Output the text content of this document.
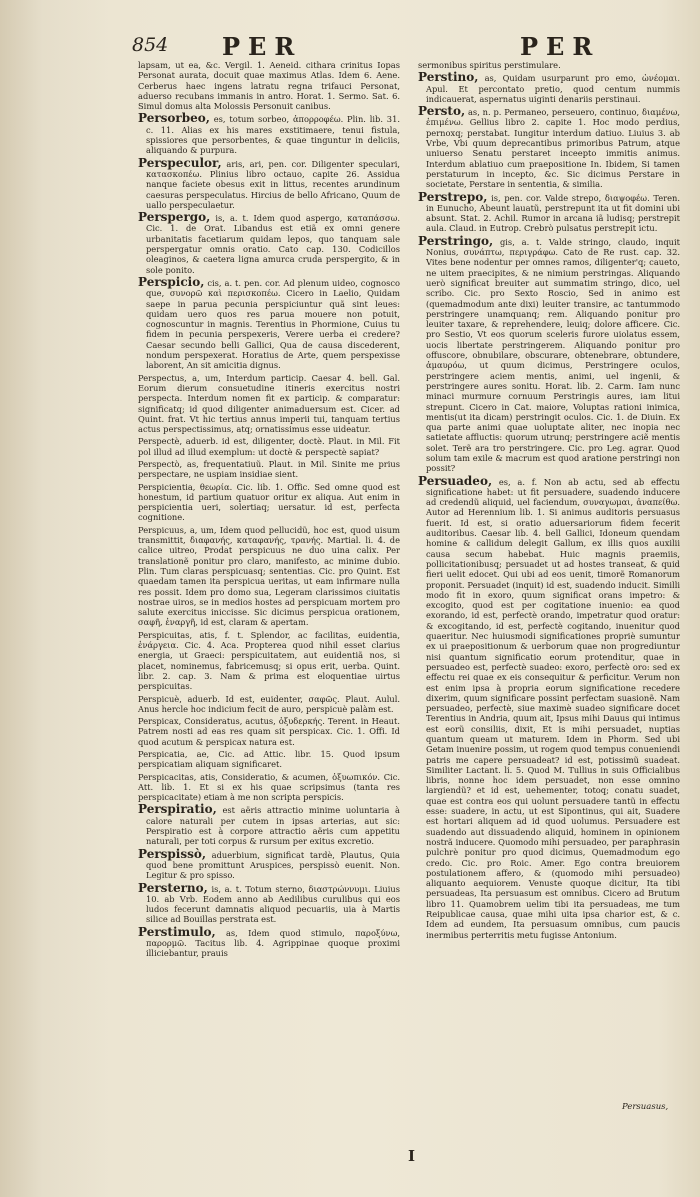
854 PER	PER

lapsam, ut ea, &c. Vergil. 1. Aeneid. cithara crinitus Iopas Personat aurata, docuit quae maximus Atlas. Idem 6. Aene. Cerberus haec ingens latratu regna trifauci Personat, aduerso recubans immanis in antro. Horat. 1. Sermo. Sat. 6. Simul domus alta Molossis Personuit canibus.

Persorbeo, es, totum sorbeo, ἀπορροφέω. Plin. lib. 31. c. 11. Alias ex his mares exstitimaere, tenui fistula, spissiores que persorbentes, & quae tinguntur in deliciis, aliquando & purpura.

Perspeculor, aris, ari, pen. cor. Diligenter speculari, κατασκοπέω. Plinius libro octauo, capite 26. Assidua nanque faciete obesus exit in littus, recentes arundinum caesuras perspeculatus. Hircius de bello Africano, Quum de uallo perspeculaetur.

Perspergo, is, a. t. Idem quod aspergo, καταπάσσω. Cic. 1. de Orat. Libandus est etiã ex omni genere urbanitatis facetiarum quidam lepos, quo tanquam sale perspergatur omnis oratio. Cato cap. 130. Codicillos oleaginos, & caetera ligna amurca cruda perspergito, & in sole ponito.

Perspicio, cis, a. t. pen. cor. Ad plenum uideo, cognosco que, συνορῶ καὶ περισκοπέω. Cicero in Laelio, Quidam saepe in parua pecunia perspiciuntur quã sint leues: quidam uero quos res parua mouere non potuit, cognoscuntur in magnis. Terentius in Phormione, Cuius tu fidem in pecunia perspexeris, Verere uerba ei credere? Caesar secundo belli Gallici, Qua de causa discederent, nondum perspexerat. Horatius de Arte, quem perspexisse laborent, An sit amicitia dignus.

Perspectus, a, um, Interdum particip. Caesar 4. bell. Gal. Eorum dierum consuetudine itineris exercitus nostri perspecta. Interdum nomen fit ex particip. & comparatur: significatq; id quod diligenter animaduersum est. Cicer. ad Quint. frat. Vt hic tertius annus imperii tui, tanquam tertius actus perspectissimus, atq; ornatissimus esse uideatur.

Perspectè, aduerb. id est, diligenter, doctè. Plaut. in Mil. Fit pol illud ad illud exemplum: ut doctè & perspectè sapiat?

Perspectò, as, frequentatiuũ. Plaut. in Mil. Sinite me prius perspectare, ne uspiam insidiae sient.

Perspicientia, θεωρία. Cic. lib. 1. Offic. Sed omne quod est honestum, id partium quatuor oritur ex aliqua. Aut enim in perspicientia ueri, solertiaq; uersatur. id est, perfecta cognitione.

Perspicuus, a, um, Idem quod pellucidũ, hoc est, quod uisum transmittit, διαφανής, καταφανής, τρανής. Martial. li. 4. de calice uitreo, Prodat perspicuus ne duo uina calix. Per translationẽ ponitur pro claro, manifesto, ac minime dubio. Plin. Tum claras perspicuasq; sententias. Cic. pro Quint. Est quaedam tamen ita perspicua ueritas, ut eam infirmare nulla res possit. Idem pro domo sua, Legeram clarissimos ciuitatis nostrae uiros, se in medios hostes ad perspicuam mortem pro salute exercitus iniccisse. Sic dicimus perspicua orationem, σαφῆ, ἐναργῆ, id est, claram & apertam.

Perspicuitas, atis, f. t. Splendor, ac facilitas, euidentia, ἐνάργεια. Cic. 4. Aca. Propterea quod nihil esset clarius energia, ut Graeci: perspicuitatem, aut euidentiã nos, si placet, nominemus, fabricemusq; si opus erit, uerba. Quint. libr. 2. cap. 3. Nam & prima est eloquentiae uirtus perspicuitas.

Perspicuè, aduerb. Id est, euidenter, σαφῶς. Plaut. Aulul. Anus hercle hoc indicium fecit de auro, perspicuè palàm est.

Perspicax, Consideratus, acutus, ὀξυδερκής. Terent. in Heaut. Patrem nosti ad eas res quam sit perspicax. Cic. 1. Offi. Id quod acutum & perspicax natura est.

Perspicatia, ae, Cic. ad Attic. libr. 15. Quod ipsum perspicatiam aliquam significaret.

Perspicacitas, atis, Consideratio, & acumen, ὀξυωπικόν. Cic. Att. lib. 1. Et si ex his quae scripsimus (tanta res perspicacitate) etiam à me non scripta perspicis.

Perspiratio, est aëris attractio minime uoluntaria à calore naturali per cutem in ipsas arterias, aut sic: Perspiratio est à corpore attractio aëris cum appetitu naturali, per toti corpus & rursum per exitus excretio.

Perspissò, aduerbium, significat tardè, Plautus, Quia quod bene promittunt Aruspices, perspissò euenit. Non. Legitur & pro spisso.

Persterno, is, a. t. Totum sterno, διαστρώννυμι. Liuius 10. ab Vrb. Eodem anno ab Aedilibus curulibus qui eos ludos fecerunt damnatis aliquod pecuariis, uia à Martis silice ad Bouillas perstrata est.

Perstimulo, as, Idem quod stimulo, παροξύνω, παρορμῶ. Tacitus lib. 4. Agrippinae quoque proximi illiciebantur, prauis

sermonibus spiritus perstimulare.

Perstino, as, Quidam usurparunt pro emo, ὠνέομαι. Apul. Et percontato pretio, quod centum nummis indicauerat, aspernatus uiginti denariis perstinaui.

Persto, as, n. p. Permaneo, perseuero, continuo, διαμένω, ἐπιμένω. Gellius libro 2. capite 1. Hoc modo perdius, pernoxq; perstabat. Iungitur interdum datiuo. Liuius 3. ab Vrbe, Vbi quum deprecantibus primoribus Patrum, atque uniuerso Senatu perstaret inceepto immitis animus. Interdum ablatiuo cum praepositione In. Ibidem, Si tamen perstaturum in incepto, &c. Sic dicimus Perstare in societate, Perstare in sententia, & similia.

Perstrepo, is, pen. cor. Valde strepo, διαψοφέω. Teren. in Eunucho, Abeunt lauatũ, perstrepunt ita ut fit domini ubi absunt. Stat. 2. Achil. Rumor in arcana iã ludisq; perstrepit aula. Claud. in Eutrop. Crebrò pulsatus perstrepit ictu.

Perstringo, gis, a. t. Valde stringo, claudo, inquit Nonius, συνάπτω, περιγράφω. Cato de Re rust. cap. 32. Vites bene nodentur per omnes ramos, diligenter'q; caueto, ne uitem praecipites, & ne nimium perstringas. Aliquando uerò significat breuiter aut summatim stringo, dico, uel scribo. Cic. pro Sexto Roscio, Sed in animo est (quemadmodum ante dixi) leuiter transire, ac tantummodo perstringere unamquanq; rem. Aliquando ponitur pro leuiter taxare, & reprehendere, leuiq; dolore afficere. Cic. pro Sestio, Vt eos quorum sceleris furore uiolatus essem, uocis libertate perstringerem. Aliquando ponitur pro offuscore, obnubilare, obscurare, obtenebrare, obtundere, ἀμαυρόω, ut quum dicimus, Perstringere oculos, perstringere aciem mentis, animi, uel ingenii, & perstringere aures sonitu. Horat. lib. 2. Carm. Iam nunc minaci murmure cornuum Perstringis aures, iam litui strepunt. Cicero in Cat. maiore, Voluptas rationi inimica, mentis(ut ita dicam) perstringit oculos. Cic. 1. de Diuin. Ex qua parte animi quae uoluptate aliter, nec inopia nec satietate affluctis: quorum utrunq; perstringere aciẽ mentis solet. Terẽ ara tro perstringere. Cic. pro Leg. agrar. Quod solum tam exile & macrum est quod aratione perstringi non possit?

Persuadeo, es, a. f. Non ab actu, sed ab effectu significatione habet: ut fit persuadere, suadendo inducere ad credendũ aliquid, uel faciendum, συναγωμαι, ἀναπείθω. Autor ad Herennium lib. 1. Si animus auditoris persuasus fuerit. Id est, si oratio aduersariorum fidem fecerit auditoribus. Caesar lib. 4. bell Gallici, Idoneum quendam homine & callidum delegit Gallum, ex illis quos auxilii causa secum habebat. Huic magnis praemiis, pollicitationibusq; persuadet ut ad hostes transeat, & quid fieri uelit edocet. Qui ubi ad eos uenit, timorẽ Romanorum proponit. Persuadet (inquit) id est, suadendo inducit. Similli modo fit in exoro, quum significat orans impetro: & excogito, quod est per cogitatione inuenio: ea quod exorando, id est, perfectè orando, impetratur quod oratur: & excogitando, id est, perfectè cogitando, inuenitur quod quaeritur. Nec huiusmodi significationes propriè sumuntur ex ui praepositionum & uerborum quae non progrediuntur nisi quantum significatio eorum protenditur, quae in persuadeo est, perfectè suadeo: exoro, perfectè oro: sed ex effectu rei quae ex eis consequitur & perficitur. Verum non est enim ipsa à propria eorum significatione recedere dixerim, quum significare possint perfectam suasionẽ. Nam persuadeo, perfectè, siue maximè suadeo significare docet Terentius in Andria, quum ait, Ipsus mihi Dauus qui intimus est eorũ consiliis, dixit, Et is mihi persuadet, nuptias quantum queam ut maturem. Idem in Phorm. Sed ubi Getam inuenire possim, ut rogem quod tempus conueniendi patris me capere persuadeat? id est, potissimũ suadeat. Similiter Lactant. li. 5. Quod M. Tullius in suis Officialibus libris, nonne hoc idem persuadet, non esse omnino largiendũ? et id est, uehementer, totoq; conatu suadet, quae est contra eos qui uolunt persuadere tantũ in effectu esse: suadere, in actu, ut est Sipontinus, qui ait, Suadere est hortari aliquem ad id quod uolumus. Persuadere est suadendo aut dissuadendo aliquid, hominem in opinionem nostrã inducere. Quomodo mihi persuadeo, per paraphrasin pulchrè ponitur pro quod dicimus, Quemadmodum ego credo. Cic. pro Roic. Amer. Ego contra breuiorem postulationem affero, & (quomodo mihi persuadeo) aliquanto aequiorem. Venuste quoque dicitur, Ita tibi persuadeas, Ita persuasum est omnibus. Cicero ad Brutum libro 11. Quamobrem uelim tibi ita persuadeas, me tum Reipublicae causa, quae mihi uita ipsa charior est, & c. Idem ad eundem, Ita persuasum omnibus, cum paucis inermibus perterritis metu fugisse Antonium.

Persuasus,
I
